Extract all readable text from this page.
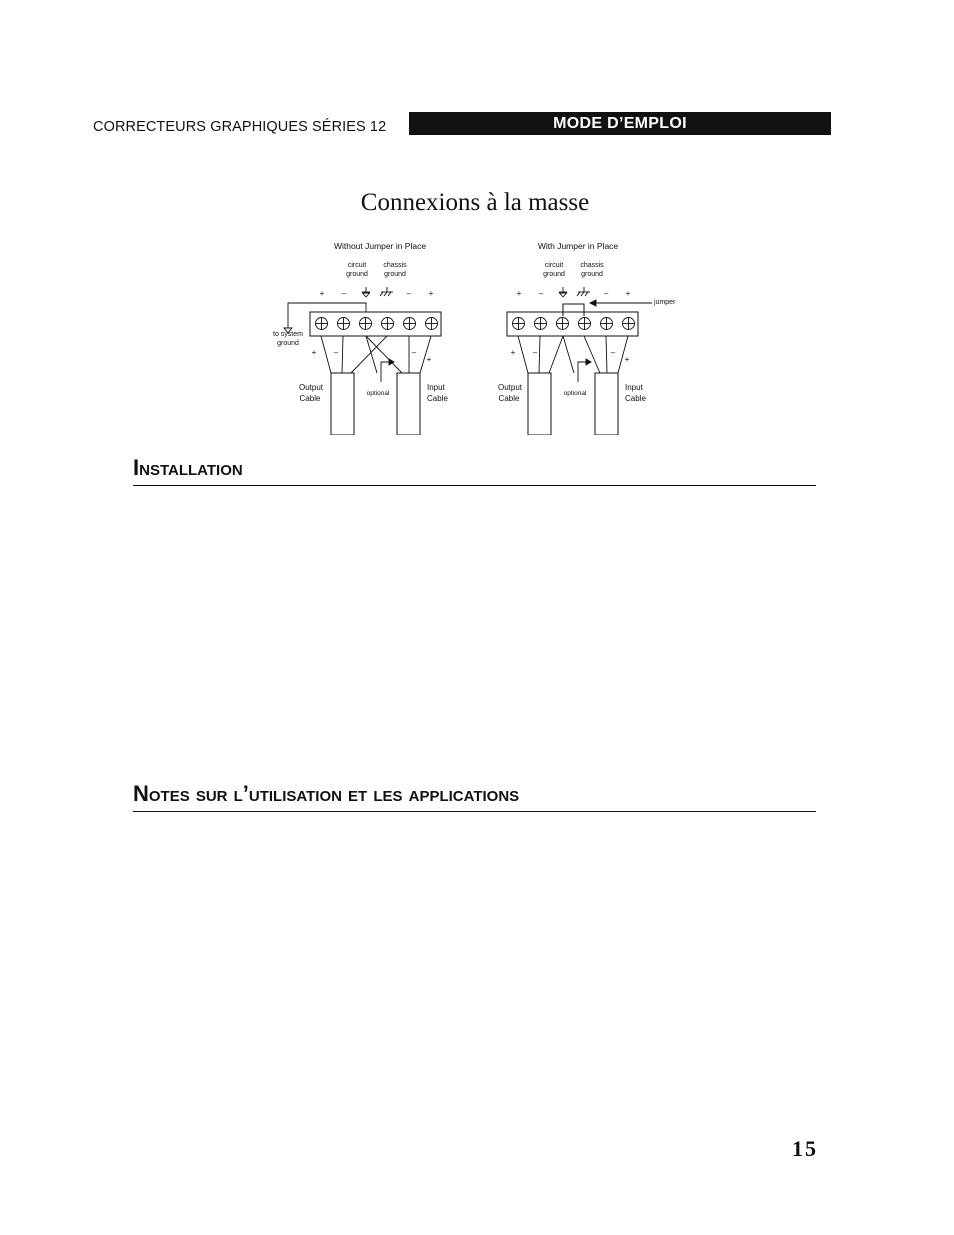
CORRECTEURS GRAPHIQUES SÉRIES 12	MODE D’EMPLOI
Connexions à la masse
Without Jumper in Place
circuit
ground
chassis
ground
+ –	– +
to system
ground
+ –	–
+
optional
Output
Cable
Input
Cable
With Jumper in Place
circuit
ground
chassis
ground
+ –	– +
jumper
+ –	–
+
optional
Output
Cable
Input
Cable
Installation
Notes sur l’utilisation et les applications
15
